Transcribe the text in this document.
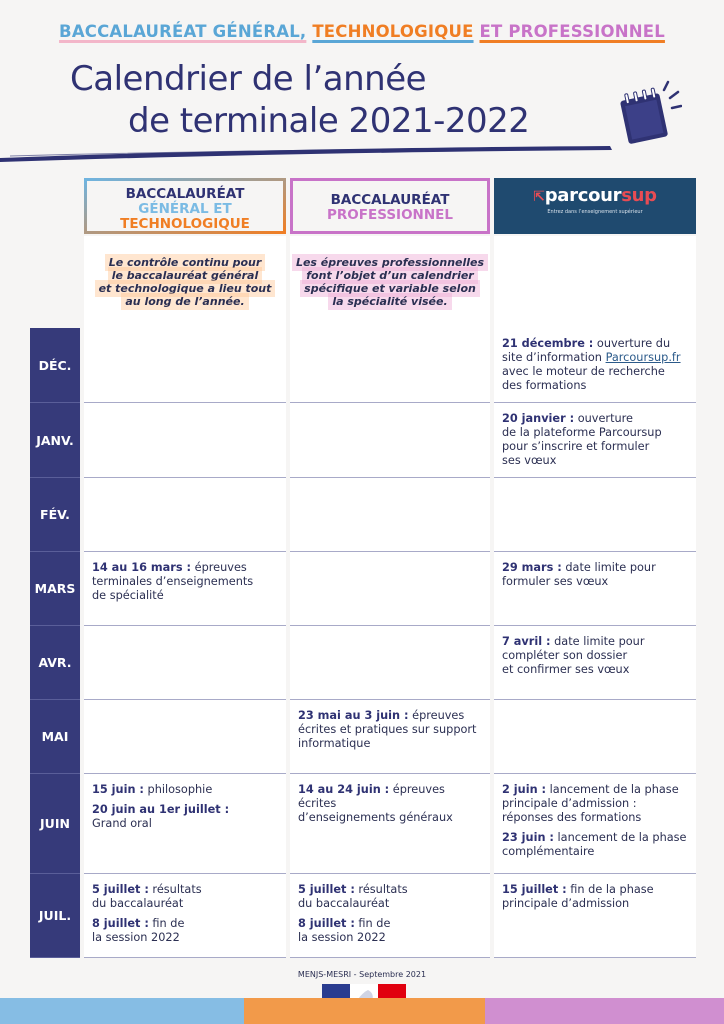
BACCALAURÉAT GÉNÉRAL, TECHNOLOGIQUE ET PROFESSIONNEL
Calendrier de l’année
de terminale 2021-2022
BACCALAURÉAT
GÉNÉRAL ET
TECHNOLOGIQUE
BACCALAURÉAT
PROFESSIONNEL
⇱parcoursup
Entrez dans l’enseignement supérieur
Le contrôle continu pour
le baccalauréat général
et technologique a lieu tout
au long de l’année.
Les épreuves professionnelles
font l’objet d’un calendrier
spécifique et variable selon
la spécialité visée.
DÉC.
21 décembre : ouverture du
site d’information Parcoursup.fr
avec le moteur de recherche
des formations
JANV.
20 janvier : ouverture
de la plateforme Parcoursup
pour s’inscrire et formuler
ses vœux
FÉV.
MARS
14 au 16 mars : épreuves
terminales d’enseignements
de spécialité
29 mars : date limite pour
formuler ses vœux
AVR.
7 avril : date limite pour
compléter son dossier
et confirmer ses vœux
MAI
23 mai au 3 juin : épreuves
écrites et pratiques sur support
informatique
JUIN
15 juin : philosophie
20 juin au 1er juillet :
Grand oral
14 au 24 juin : épreuves écrites
d’enseignements généraux
2 juin : lancement de la phase
principale d’admission :
réponses des formations
23 juin : lancement de la phase
complémentaire
JUIL.
5 juillet : résultats
du baccalauréat
8 juillet : fin de
la session 2022
5 juillet : résultats
du baccalauréat
8 juillet : fin de
la session 2022
15 juillet : fin de la phase
principale d’admission
MENJS-MESRI - Septembre 2021
